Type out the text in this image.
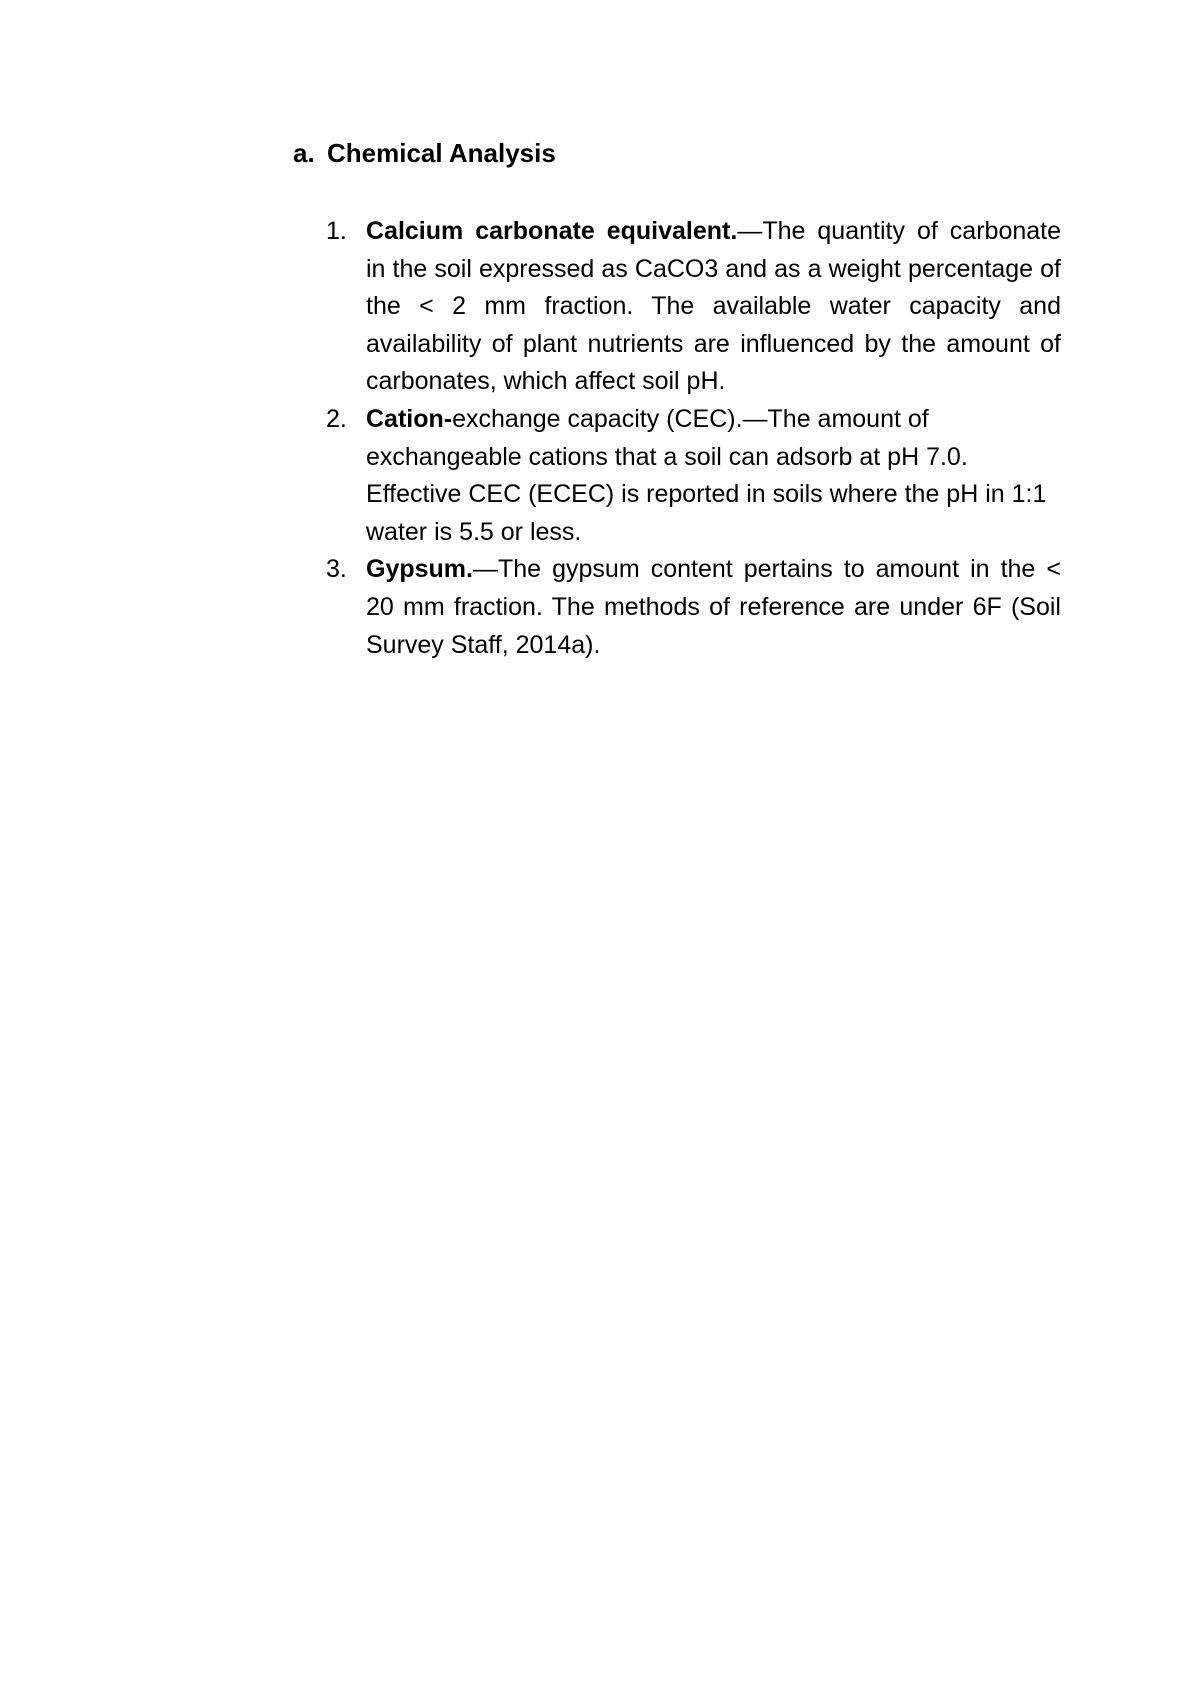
a. Chemical Analysis
1. Calcium carbonate equivalent.—The quantity of carbonate in the soil expressed as CaCO3 and as a weight percentage of the < 2 mm fraction. The available water capacity and availability of plant nutrients are influenced by the amount of carbonates, which affect soil pH.
2. Cation-exchange capacity (CEC).—The amount of exchangeable cations that a soil can adsorb at pH 7.0. Effective CEC (ECEC) is reported in soils where the pH in 1:1 water is 5.5 or less.
3. Gypsum.—The gypsum content pertains to amount in the < 20 mm fraction. The methods of reference are under 6F (Soil Survey Staff, 2014a).
